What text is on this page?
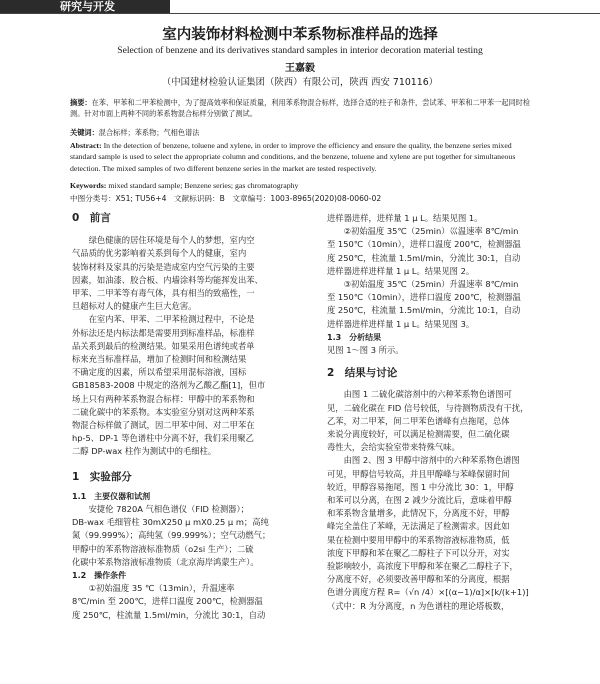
研究与开发
室内装饰材料检测中苯系物标准样品的选择
Selection of benzene and its derivatives standard samples in interior decoration material testing
王嘉毅
（中国建材检验认证集团（陕西）有限公司，陕西 西安 710116）
摘要：在苯、甲苯和二甲苯检测中，为了提高效率和保证质量，利用苯系物混合标样，选择合适的柱子和条件，尝试苯、甲苯和二甲苯一起同时检测。针对市面上两种不同的苯系物混合标样分别做了测试。
关键词：混合标样；苯系物；气相色谱法
Abstract: In the detection of benzene, toluene and xylene, in order to improve the efficiency and ensure the quality, the benzene series mixed standard sample is used to select the appropriate column and conditions, and the benzene, toluene and xylene are put together for simultaneous detection. The mixed samples of two different benzene series in the market are tested respectively.
Keywords: mixed standard sample; Benzene series; gas chromatography
中图分类号：X51; TU56+4　文献标识码：B　文章编号：1003-8965(2020)08-0060-02
0　前言
绿色健康的居住环境是每个人的梦想，室内空
气品质的优劣影响着关系到每个人的健康，室内
装饰材料及家具的污染是造成室内空气污染的主要
因素，如油漆、胶合板、内墙涂料等均能挥发出苯、
甲苯、二甲苯等有毒气体，具有相当的致癌性，一
旦超标对人的健康产生巨大危害。
在室内苯、甲苯、二甲苯检测过程中，不论是
外标法还是内标法都是需要用到标准样品，标准样
品关系到最后的检测结果。如果采用色谱纯或者单
标来充当标准样品，增加了检测时间和检测结果
不确定度的因素，所以希望采用混标溶液，国标
GB18583-2008 中规定的洛剂为乙酸乙酯[1]，但市
场上只有两种苯系物混合标样：甲醇中的苯系物和
二硫化碳中的苯系物。本实验室分别对这两种苯系
物混合标样做了测试，因二甲苯中间、对二甲苯在
hp-5、DP-1 等色谱柱中分离不好，我们采用聚乙
二醇 DP-wax 柱作为测试中的毛细柱。
1　实验部分
1.1　主要仪器和试剂
安捷伦 7820A 气相色谱仪（FID 检测器）；
DB-wax 毛细管柱 30mX250 μ mX0.25 μ m；高纯
氮（99.999%）；高纯氢（99.999%）；空气动燃气；
甲醇中的苯系物溶液标准物质（o2si 生产）；二硫
化碳中苯系物溶液标准物质（北京海岸鸿蒙生产）。
1.2　操作条件
①初始温度 35 ℃（13min），升温速率
8℃/min 至 200℃，进样口温度 200℃，检测器温
度 250℃，柱流量 1.5ml/min，分流比 30:1，自动
进样器进样，进样量 1 μ L。结果见图 1。
②初始温度 35℃（25min）⼮温速率 8℃/min
至 150℃（10min），进样口温度 200℃，检测器温
度 250℃，柱流量 1.5ml/min，分流比 30:1，自动
进样器进样进样量 1 μ L。结果见图 2。
③初始温度 35℃（25min）升温速率 8℃/min
至 150℃（10min），进样口温度 200℃，检测器温
度 250℃，柱流量 1.5ml/min，分流比 10:1，自动
进样器进样进样量 1 μ L。结果见图 3。
1.3　分析结果
见图 1～图 3 所示。
2　结果与讨论
由图 1 二硫化碳溶剂中的六种苯系物色谱图可
见，二硫化碳在 FID 信号较低，与待测物质没有干扰，
乙苯，对二甲苯，间二甲苯色谱峰有点拖尾，总体
来说分离度较好，可以满足检测需要，但二硫化碳
毒性大，会给实验室带来特殊气味。
由图 2、图 3 甲醇中溶剂中的六种苯系物色谱图
可见，甲醇信号较高，并且甲醇峰与苯峰保留时间
较近，甲醇容易拖尾，图 1 中分流比 30：1，甲醇
和苯可以分离，在图 2 减少分流比后，意味着甲醇
和苯系物含量增多，此情况下，分离度不好，甲醇
峰完全盖住了苯峰，无法满足了检测需求。因此如
果在检测中要用甲醇中的苯系物溶液标准物质，低
浓度下甲醇和苯在聚乙二醇柱子下可以分开，对实
验影响较小，高浓度下甲醇和苯在聚乙二醇柱子下，
分离度不好，必须要改善甲醇和苯的分离度，根据
色谱分离度方程 R=（√n /4）×[(α−1)/α]×[k/(k+1)]
（式中：R 为分离度，n 为色谱柱的理论塔板数，
